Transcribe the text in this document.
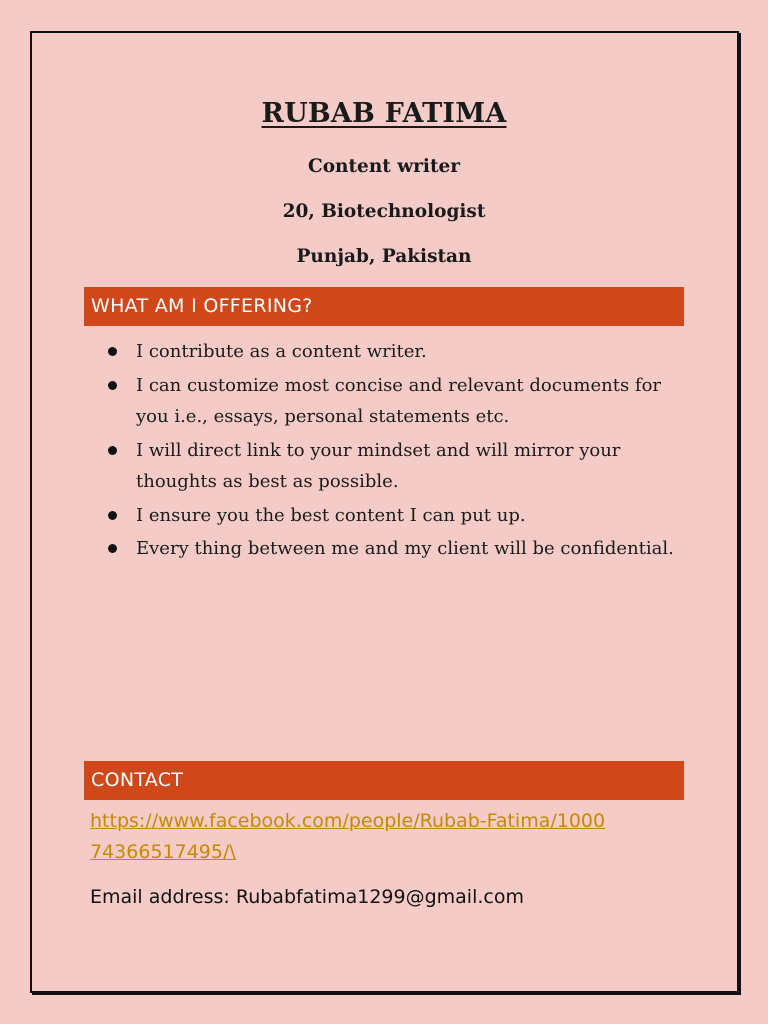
RUBAB FATIMA
Content writer
20, Biotechnologist
Punjab, Pakistan
WHAT AM I OFFERING?
I contribute as a content writer.
I can customize most concise and relevant documents for you i.e., essays, personal statements etc.
I will direct link to your mindset and will mirror your thoughts as best as possible.
I ensure you the best content I can put up.
Every thing between me and my client will be confidential.
CONTACT
https://www.facebook.com/people/Rubab-Fatima/100074366517495/\
Email address: Rubabfatima1299@gmail.com
